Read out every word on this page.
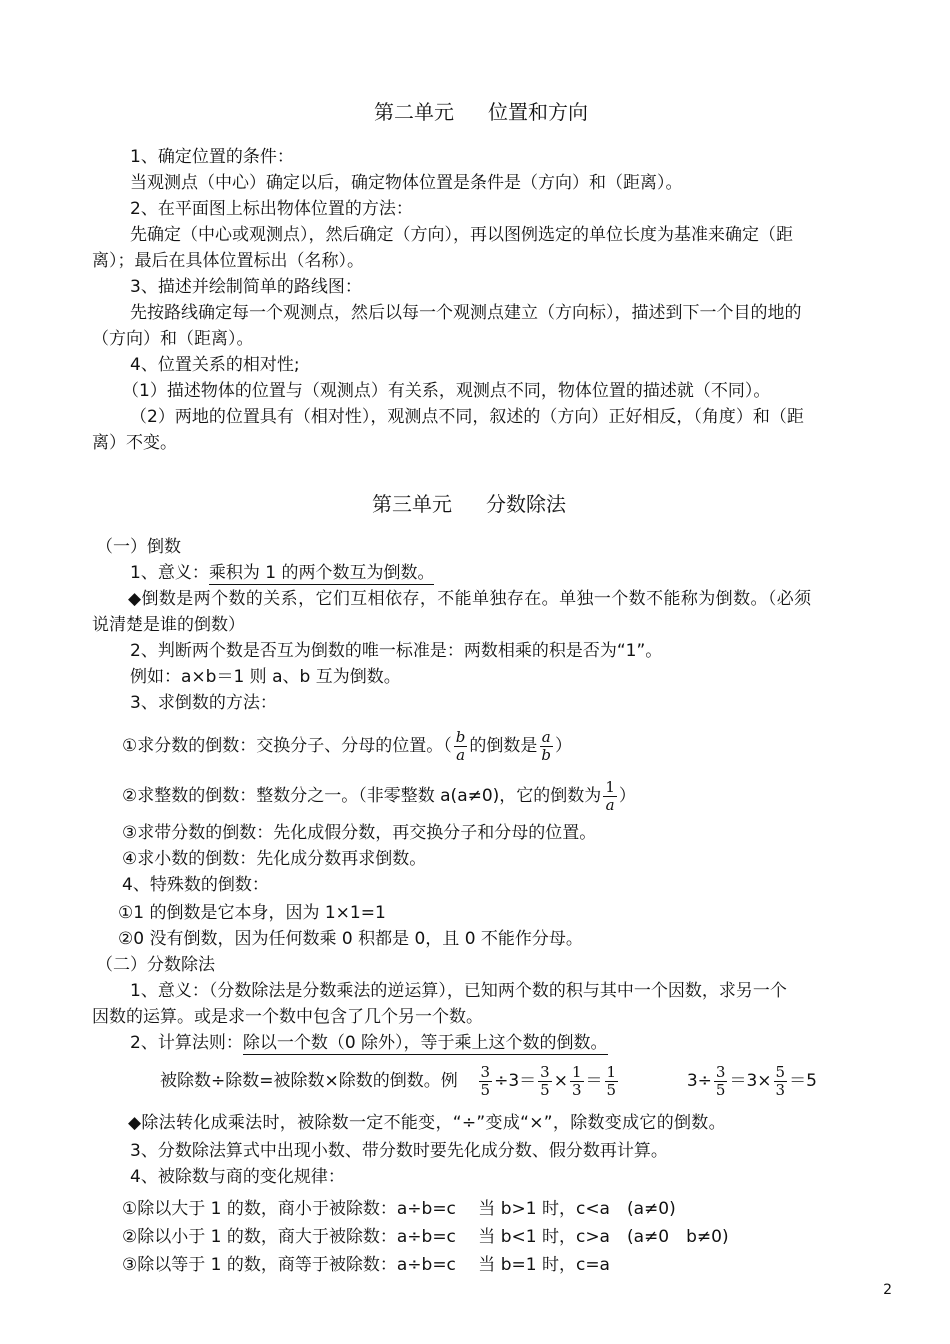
第二单元 位置和方向
1、确定位置的条件：
当观测点（中心）确定以后，确定物体位置是条件是（方向）和（距离）。
2、在平面图上标出物体位置的方法：
先确定（中心或观测点），然后确定（方向），再以图例选定的单位长度为基准来确定（距
离）；最后在具体位置标出（名称）。
3、描述并绘制简单的路线图：
先按路线确定每一个观测点，然后以每一个观测点建立（方向标），描述到下一个目的地的
（方向）和（距离）。
4、位置关系的相对性;
（1）描述物体的位置与（观测点）有关系，观测点不同，物体位置的描述就（不同）。
（2）两地的位置具有（相对性），观测点不同，叙述的（方向）正好相反，（角度）和（距
离）不变。
第三单元 分数除法
（一）倒数
1、意义：乘积为 1 的两个数互为倒数。
◆倒数是两个数的关系，它们互相依存，不能单独存在。单独一个数不能称为倒数。（必须
说清楚是谁的倒数）
2、判断两个数是否互为倒数的唯一标准是：两数相乘的积是否为“1”。
例如：a×b＝1 则 a、b 互为倒数。
3、求倒数的方法：
①求分数的倒数：交换分子、分母的位置。（ $\frac{b}{a}$ 的倒数是 $\frac{a}{b}$ ）
②求整数的倒数：整数分之一。（非零整数 a(a≠0)，它的倒数为 $\frac{1}{a}$ ）
③求带分数的倒数：先化成假分数，再交换分子和分母的位置。
④求小数的倒数：先化成分数再求倒数。
4、特殊数的倒数：
①1 的倒数是它本身，因为 1×1=1
②0 没有倒数，因为任何数乘 0 积都是 0，且 0 不能作分母。
（二）分数除法
1、意义：（分数除法是分数乘法的逆运算），已知两个数的积与其中一个因数，求另一个
因数的运算。或是求一个数中包含了几个另一个数。
2、计算法则：除以一个数（0 除外），等于乘上这个数的倒数。
被除数÷除数=被除数×除数的倒数。例 $\frac{3}{5} \div 3= \frac{3}{5} \times \frac{1}{3} = \frac{1}{5}$	$3\div \frac{3}{5} =3\times \frac{5}{3} =5$
◆除法转化成乘法时，被除数一定不能变，“÷”变成“×”，除数变成它的倒数。
3、分数除法算式中出现小数、带分数时要先化成分数、假分数再计算。
4、被除数与商的变化规律：
①除以大于 1 的数，商小于被除数：a÷b=c　 当 b>1 时，c<a　(a≠0)
②除以小于 1 的数，商大于被除数：a÷b=c　 当 b<1 时，c>a　(a≠0　b≠0)
③除以等于 1 的数，商等于被除数：a÷b=c　 当 b=1 时，c=a
2
